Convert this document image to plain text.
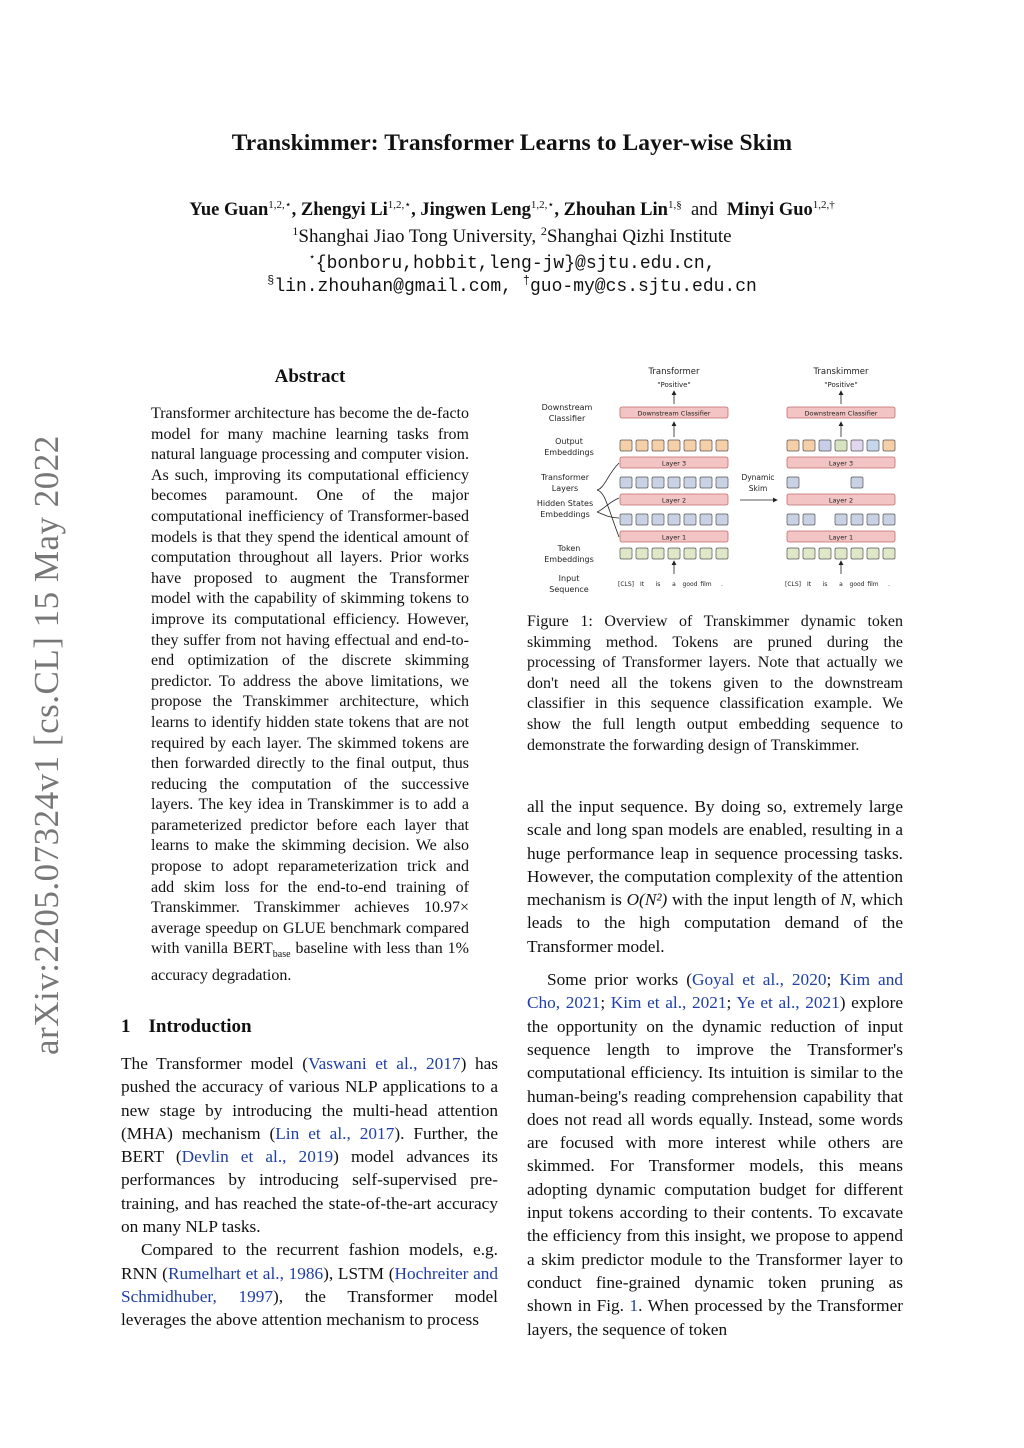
Transkimmer: Transformer Learns to Layer-wise Skim
Yue Guan$^{1,2,⋆}$, Zhengyi $Li^{1,2,⋆}$, Jingwen Leng$^{1,2,⋆}$, Zhouhan Lin$^{1,\S}$ and Minyi Guo$^{1,2,\dagger}$
$^1$Shanghai Jiao Tong University, $^2$Shanghai Qizhi Institute
⋆{bonboru,hobbit,leng-jw}@sjtu.edu.cn,
§lin.zhouhan@gmail.com, †guo-my@cs.sjtu.edu.cn
arXiv:2205.07324v1 [cs.CL] 15 May 2022
Abstract
Transformer architecture has become the de-facto model for many machine learning tasks from natural language processing and computer vision. As such, improving its computational efficiency becomes paramount. One of the major computational inefficiency of Transformer-based models is that they spend the identical amount of computation throughout all layers. Prior works have proposed to augment the Transformer model with the capability of skimming tokens to improve its computational efficiency. However, they suffer from not having effectual and end-to-end optimization of the discrete skimming predictor. To address the above limitations, we propose the Transkimmer architecture, which learns to identify hidden state tokens that are not required by each layer. The skimmed tokens are then forwarded directly to the final output, thus reducing the computation of the successive layers. The key idea in Transkimmer is to add a parameterized predictor before each layer that learns to make the skimming decision. We also propose to adopt reparameterization trick and add skim loss for the end-to-end training of Transkimmer. Transkimmer achieves 10.97× average speedup on GLUE benchmark compared with vanilla $BERT_{base}$ baseline with less than 1% accuracy degradation.
1 Introduction

The Transformer model (Vaswani et al., 2017) has pushed the accuracy of various NLP applications to a new stage by introducing the multi-head attention (MHA) mechanism (Lin et al., 2017). Further, the BERT (Devlin et al., 2019) model advances its performances by introducing self-supervised pre-training, and has reached the state-of-the-art accuracy on many NLP tasks.

Compared to the recurrent fashion models, e.g. RNN (Rumelhart et al., 1986), LSTM (Hochreiter and Schmidhuber, 1997), the Transformer model leverages the above attention mechanism to process

all the input sequence. By doing so, extremely large scale and long span models are enabled, resulting in a huge performance leap in sequence processing tasks. However, the computation complexity of the attention mechanism is O(N²) with the input length of N, which leads to the high computation demand of the Transformer model.

Some prior works (Goyal et al., 2020; Kim and Cho, 2021; Kim et al., 2021; Ye et al., 2021) explore the opportunity on the dynamic reduction of input sequence length to improve the Transformer's computational efficiency. Its intuition is similar to the human-being's reading comprehension capability that does not read all words equally. Instead, some words are focused with more interest while others are skimmed. For Transformer models, this means adopting dynamic computation budget for different input tokens according to their contents. To excavate the efficiency from this insight, we propose to append a skim predictor module to the Transformer layer to conduct fine-grained dynamic token pruning as shown in Fig. 1. When processed by the Transformer layers, the sequence of token

Figure 1: Overview of Transkimmer dynamic token skimming method. Tokens are pruned during the processing of Transformer layers. Note that actually we don't need all the tokens given to the downstream classifier in this sequence classification example. We show the full length output embedding sequence to demonstrate the forwarding design of Transkimmer.
Downstream
Classifier
Output
Embeddings
Transformer
Layers
Hidden States
Embeddings
Token
Embeddings
Input
Sequence
Transformer
"Positive"
Transkimmer
"Positive"
Downstream Classifier	Downstream Classifier
Layer 3
Layer 2
Layer 1
Layer 3
Layer 2
Layer 1
Dynamic
Skim
[CLS] It is a good film .	[CLS] It is a good film .
